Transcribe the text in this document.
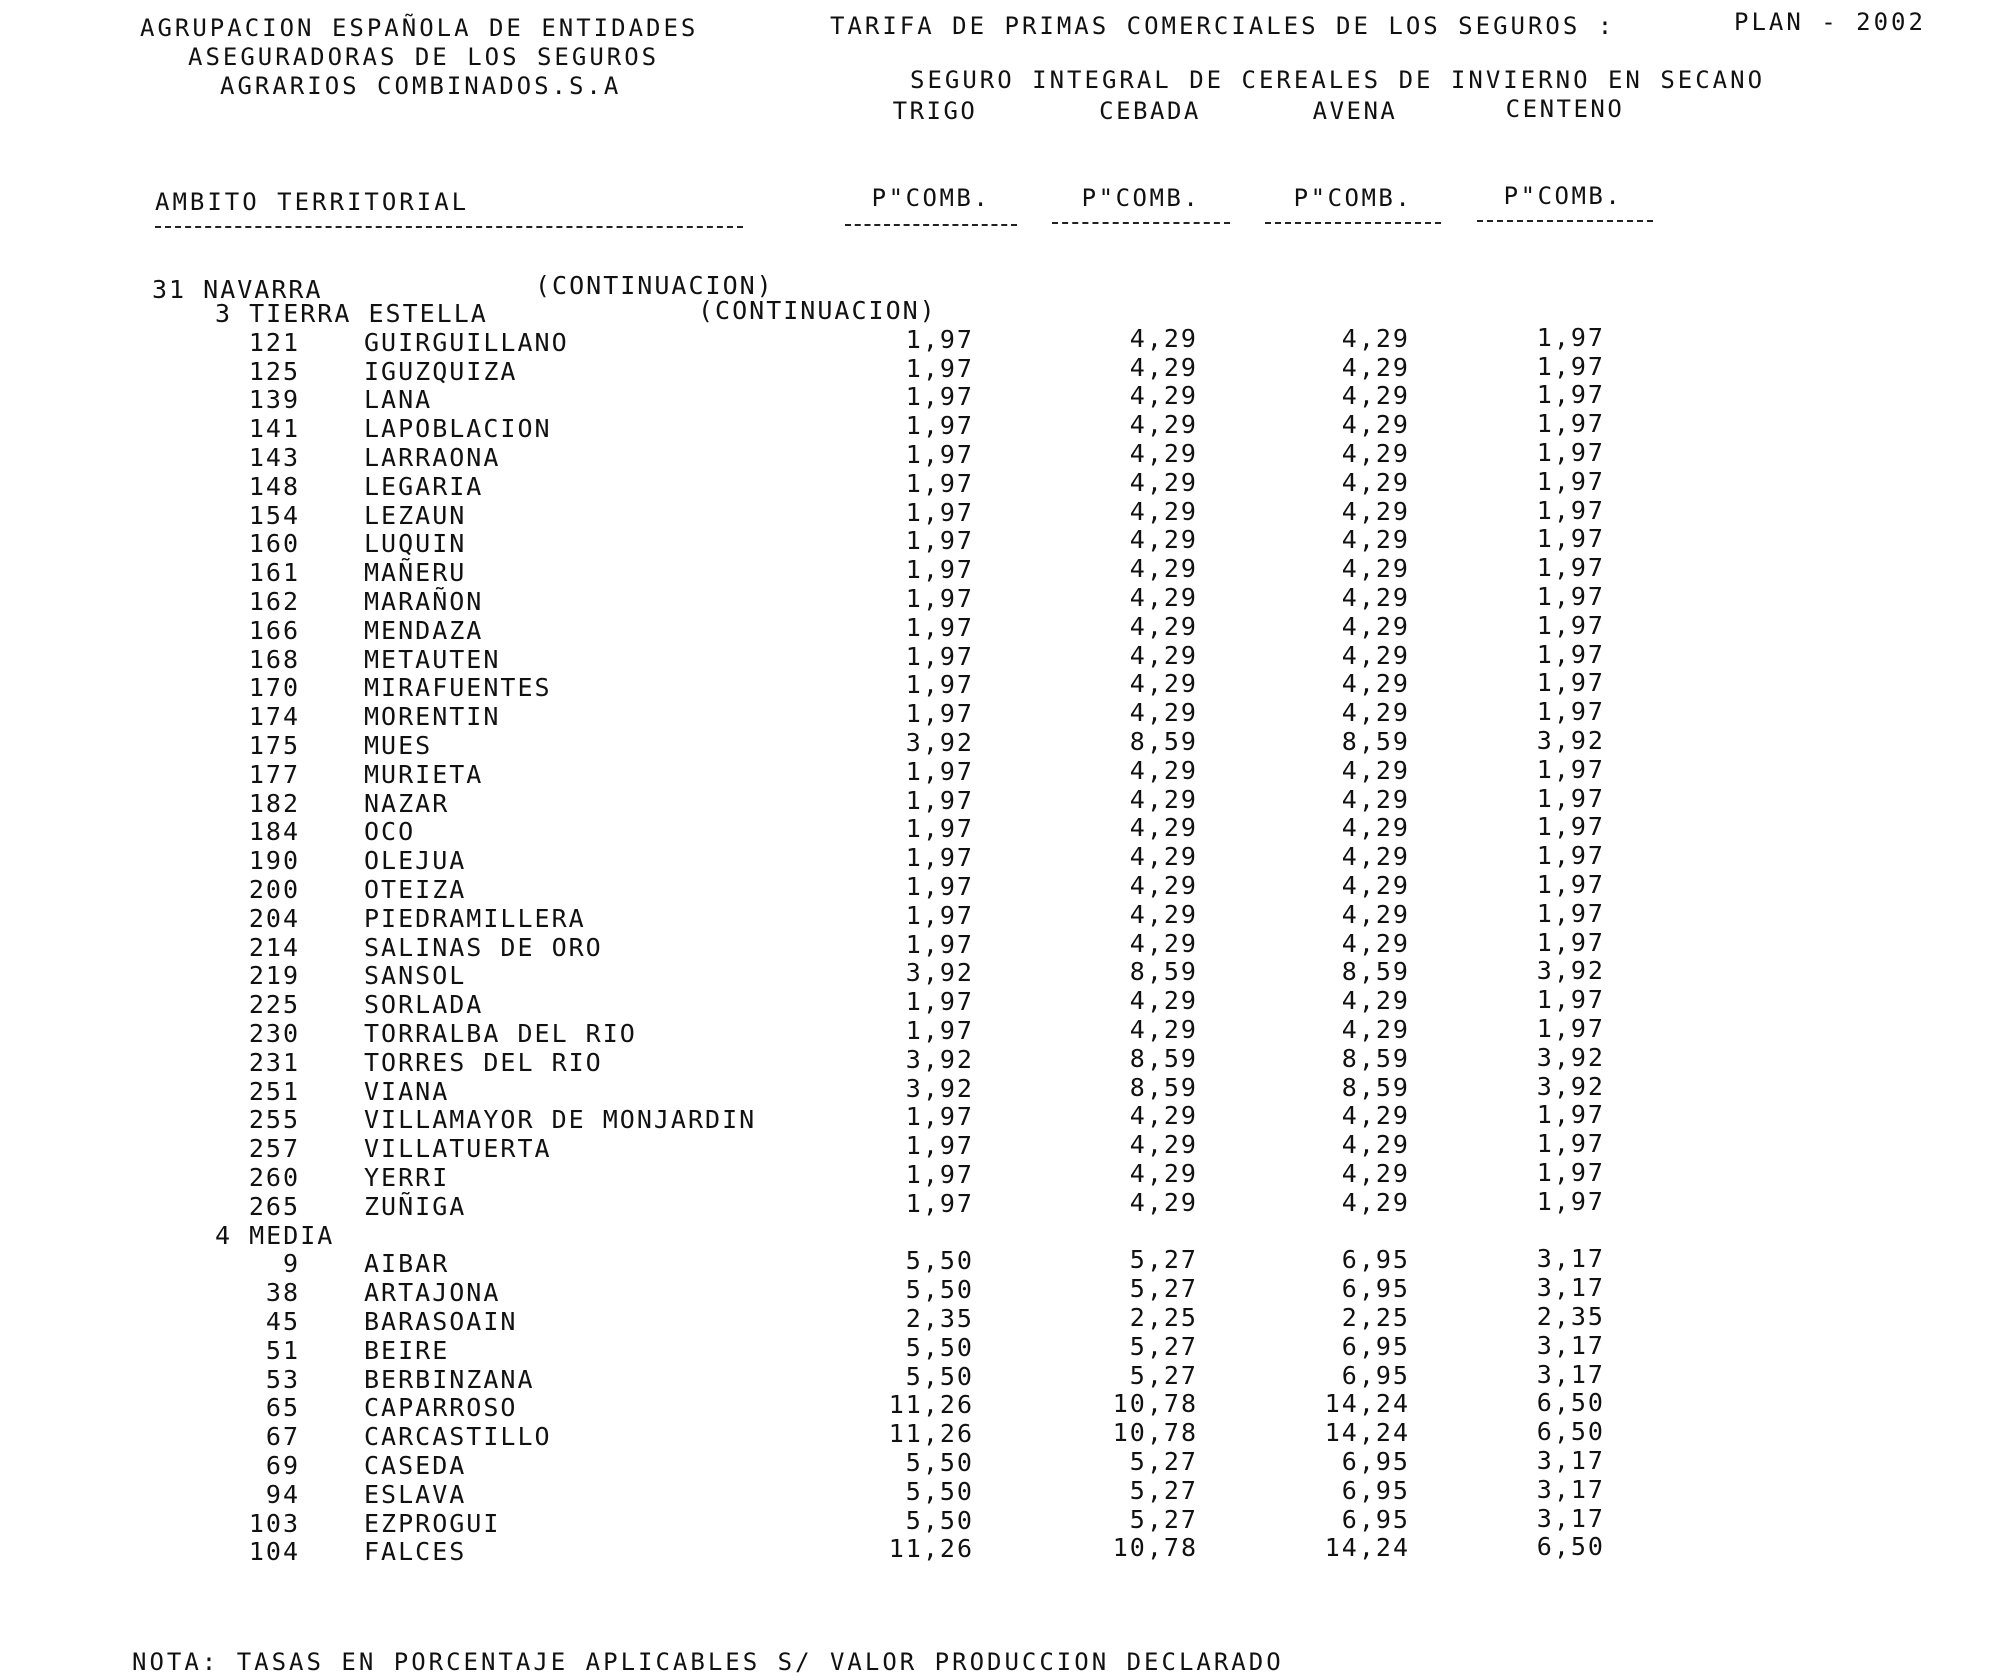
AGRUPACION ESPAÑOLA DE ENTIDADES
ASEGURADORAS DE LOS SEGUROS
AGRARIOS COMBINADOS.S.A
TARIFA DE PRIMAS COMERCIALES DE LOS SEGUROS :	PLAN - 2002
SEGURO INTEGRAL DE CEREALES DE INVIERNO EN SECANO
TRIGO	CEBADA	AVENA	CENTENO
AMBITO TERRITORIAL	P"COMB.	P"COMB.	P"COMB.	P"COMB.
31 NAVARRA	(CONTINUACION)
3 TIERRA ESTELLA	(CONTINUACION)
121	GUIRGUILLANO	1,97	4,29	4,29	1,97
125	IGUZQUIZA	1,97	4,29	4,29	1,97
139	LANA	1,97	4,29	4,29	1,97
141	LAPOBLACION	1,97	4,29	4,29	1,97
143	LARRAONA	1,97	4,29	4,29	1,97
148	LEGARIA	1,97	4,29	4,29	1,97
154	LEZAUN	1,97	4,29	4,29	1,97
160	LUQUIN	1,97	4,29	4,29	1,97
161	MAÑERU	1,97	4,29	4,29	1,97
162	MARAÑON	1,97	4,29	4,29	1,97
166	MENDAZA	1,97	4,29	4,29	1,97
168	METAUTEN	1,97	4,29	4,29	1,97
170	MIRAFUENTES	1,97	4,29	4,29	1,97
174	MORENTIN	1,97	4,29	4,29	1,97
175	MUES	3,92	8,59	8,59	3,92
177	MURIETA	1,97	4,29	4,29	1,97
182	NAZAR	1,97	4,29	4,29	1,97
184	OCO	1,97	4,29	4,29	1,97
190	OLEJUA	1,97	4,29	4,29	1,97
200	OTEIZA	1,97	4,29	4,29	1,97
204	PIEDRAMILLERA	1,97	4,29	4,29	1,97
214	SALINAS DE ORO	1,97	4,29	4,29	1,97
219	SANSOL	3,92	8,59	8,59	3,92
225	SORLADA	1,97	4,29	4,29	1,97
230	TORRALBA DEL RIO	1,97	4,29	4,29	1,97
231	TORRES DEL RIO	3,92	8,59	8,59	3,92
251	VIANA	3,92	8,59	8,59	3,92
255	VILLAMAYOR DE MONJARDIN	1,97	4,29	4,29	1,97
257	VILLATUERTA	1,97	4,29	4,29	1,97
260	YERRI	1,97	4,29	4,29	1,97
265	ZUÑIGA	1,97	4,29	4,29	1,97
4 MEDIA
9	AIBAR	5,50	5,27	6,95	3,17
38	ARTAJONA	5,50	5,27	6,95	3,17
45	BARASOAIN	2,35	2,25	2,25	2,35
51	BEIRE	5,50	5,27	6,95	3,17
53	BERBINZANA	5,50	5,27	6,95	3,17
65	CAPARROSO	11,26	10,78	14,24	6,50
67	CARCASTILLO	11,26	10,78	14,24	6,50
69	CASEDA	5,50	5,27	6,95	3,17
94	ESLAVA	5,50	5,27	6,95	3,17
103	EZPROGUI	5,50	5,27	6,95	3,17
104	FALCES	11,26	10,78	14,24	6,50
NOTA: TASAS EN PORCENTAJE APLICABLES S/ VALOR PRODUCCION DECLARADO
